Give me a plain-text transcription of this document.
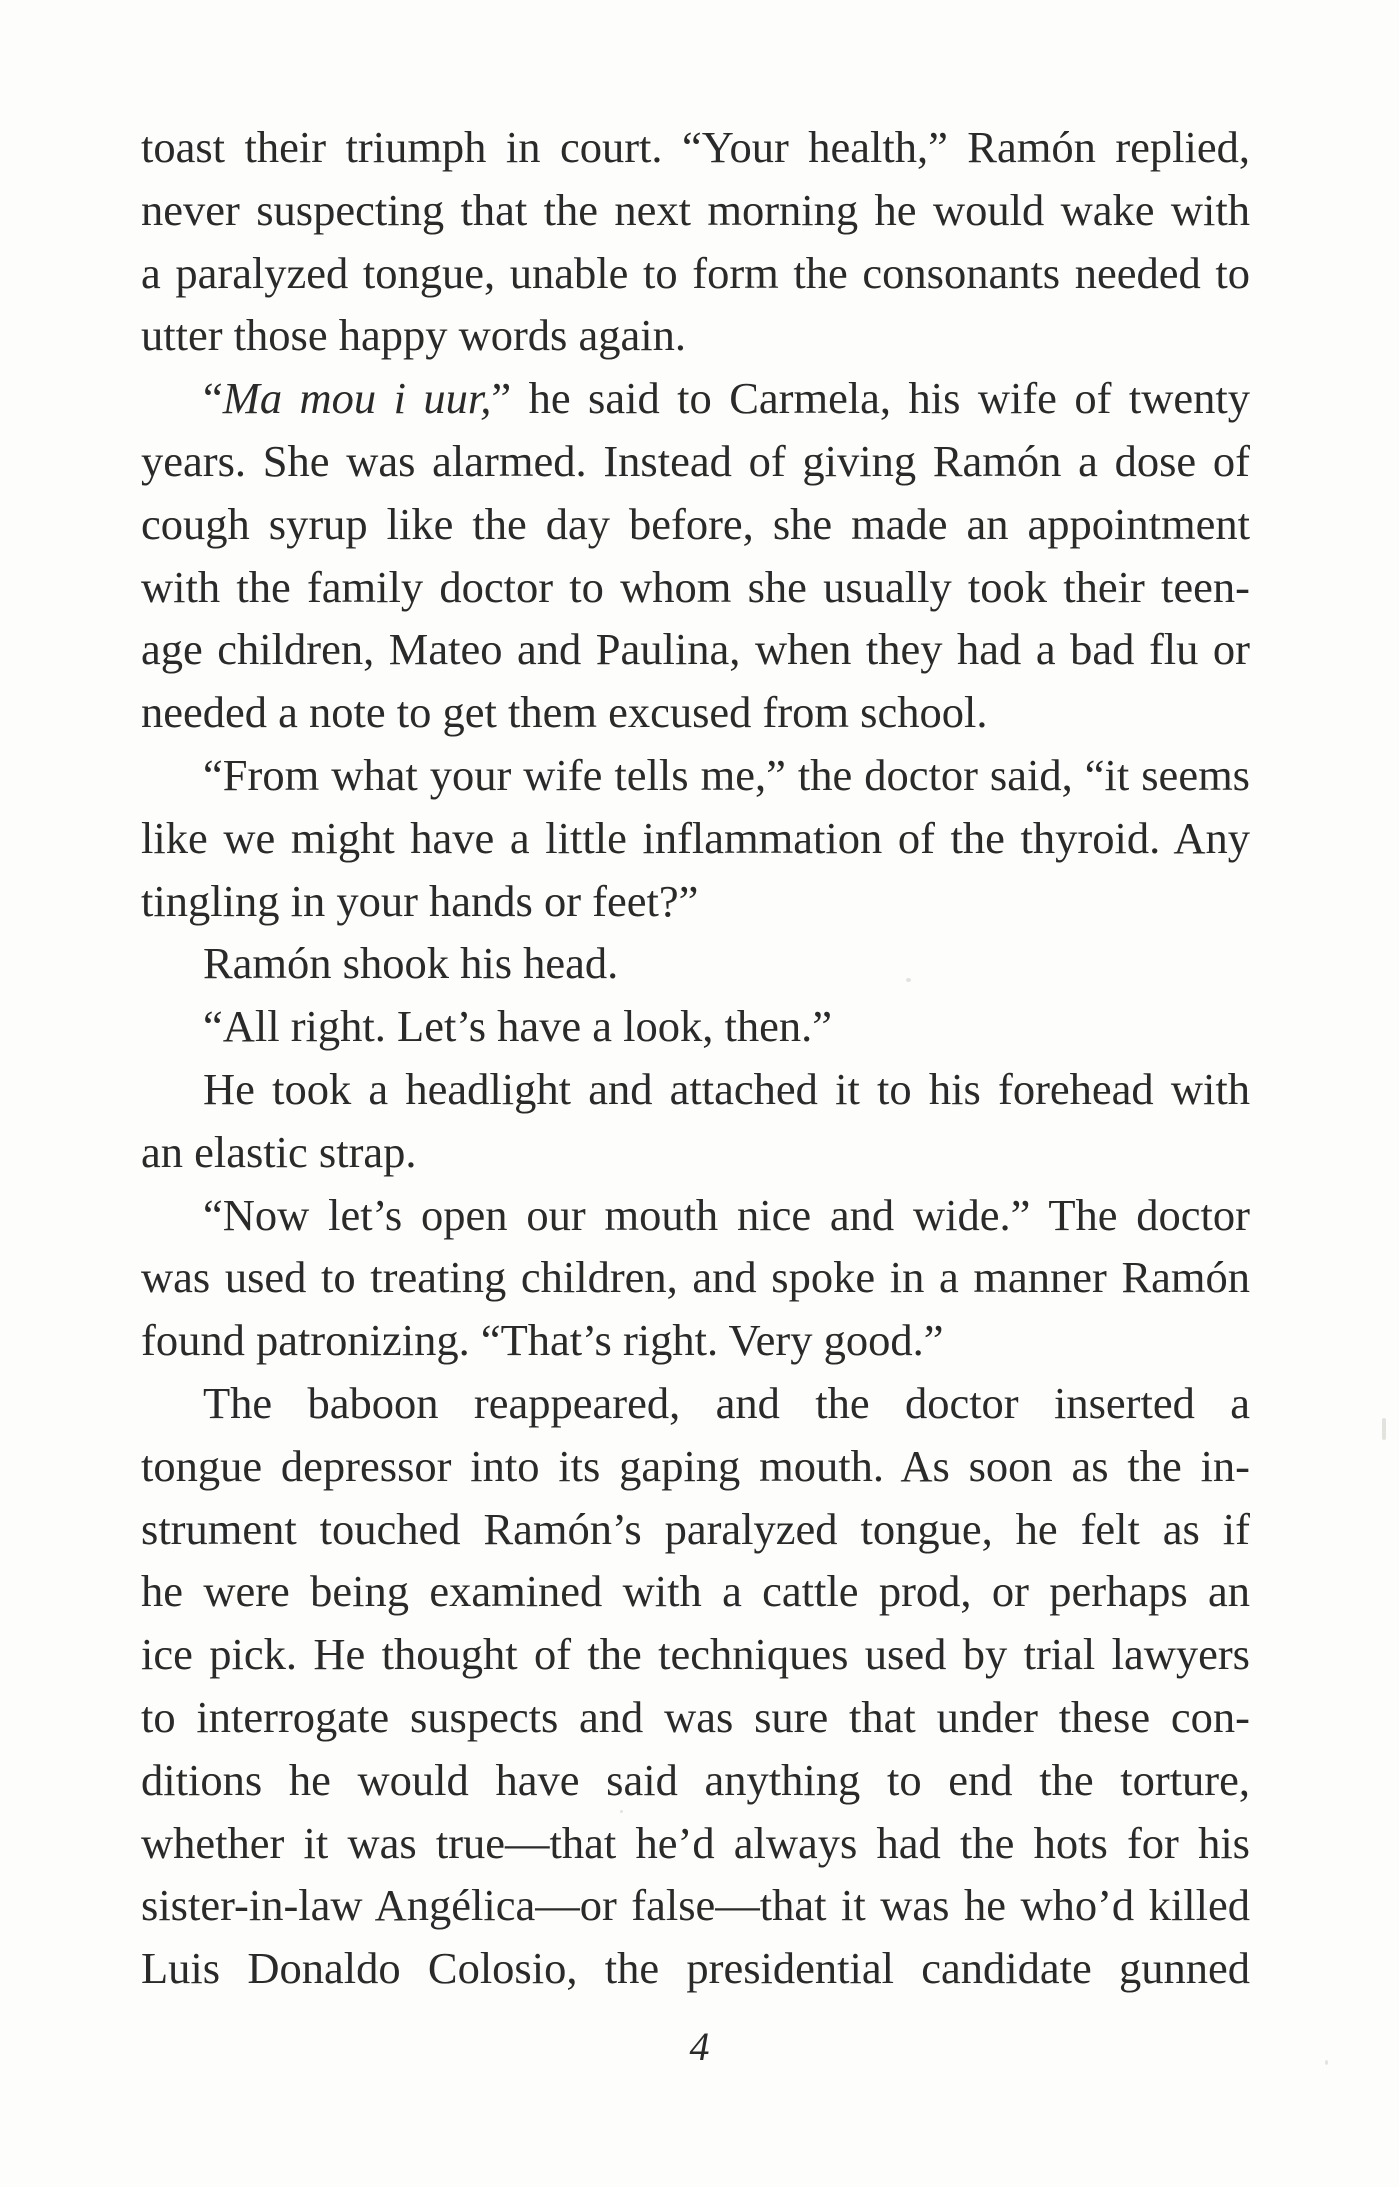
toast their triumph in court. “Your health,” Ramón replied,
never suspecting that the next morning he would wake with
a paralyzed tongue, unable to form the consonants needed to
utter those happy words again.
“Ma mou i uur,” he said to Carmela, his wife of twenty
years. She was alarmed. Instead of giving Ramón a dose of
cough syrup like the day before, she made an appointment
with the family doctor to whom she usually took their teen-
age children, Mateo and Paulina, when they had a bad flu or
needed a note to get them excused from school.
“From what your wife tells me,” the doctor said, “it seems
like we might have a little inflammation of the thyroid. Any
tingling in your hands or feet?”
Ramón shook his head.
“All right. Let’s have a look, then.”
He took a headlight and attached it to his forehead with
an elastic strap.
“Now let’s open our mouth nice and wide.” The doctor
was used to treating children, and spoke in a manner Ramón
found patronizing. “That’s right. Very good.”
The baboon reappeared, and the doctor inserted a
tongue depressor into its gaping mouth. As soon as the in-
strument touched Ramón’s paralyzed tongue, he felt as if
he were being examined with a cattle prod, or perhaps an
ice pick. He thought of the techniques used by trial lawyers
to interrogate suspects and was sure that under these con-
ditions he would have said anything to end the torture,
whether it was true—that he’d always had the hots for his
sister-in-law Angélica—or false—that it was he who’d killed
Luis Donaldo Colosio, the presidential candidate gunned
4
